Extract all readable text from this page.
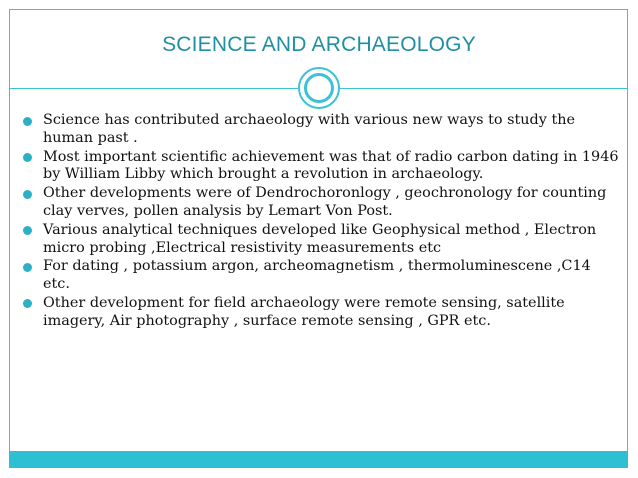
SCIENCE AND ARCHAEOLOGY
Science has contributed archaeology with various new ways to study the human past .
Most important scientific achievement was that of radio carbon dating in 1946 by William Libby which brought a revolution in archaeology.
Other developments were of Dendrochoronlogy , geochronology for counting clay verves, pollen analysis by Lemart Von Post.
Various analytical techniques developed like Geophysical method , Electron micro probing ,Electrical resistivity measurements etc
For dating , potassium argon, archeomagnetism , thermoluminescene ,C14 etc.
Other development for field archaeology were remote sensing, satellite imagery, Air photography , surface remote sensing , GPR etc.
